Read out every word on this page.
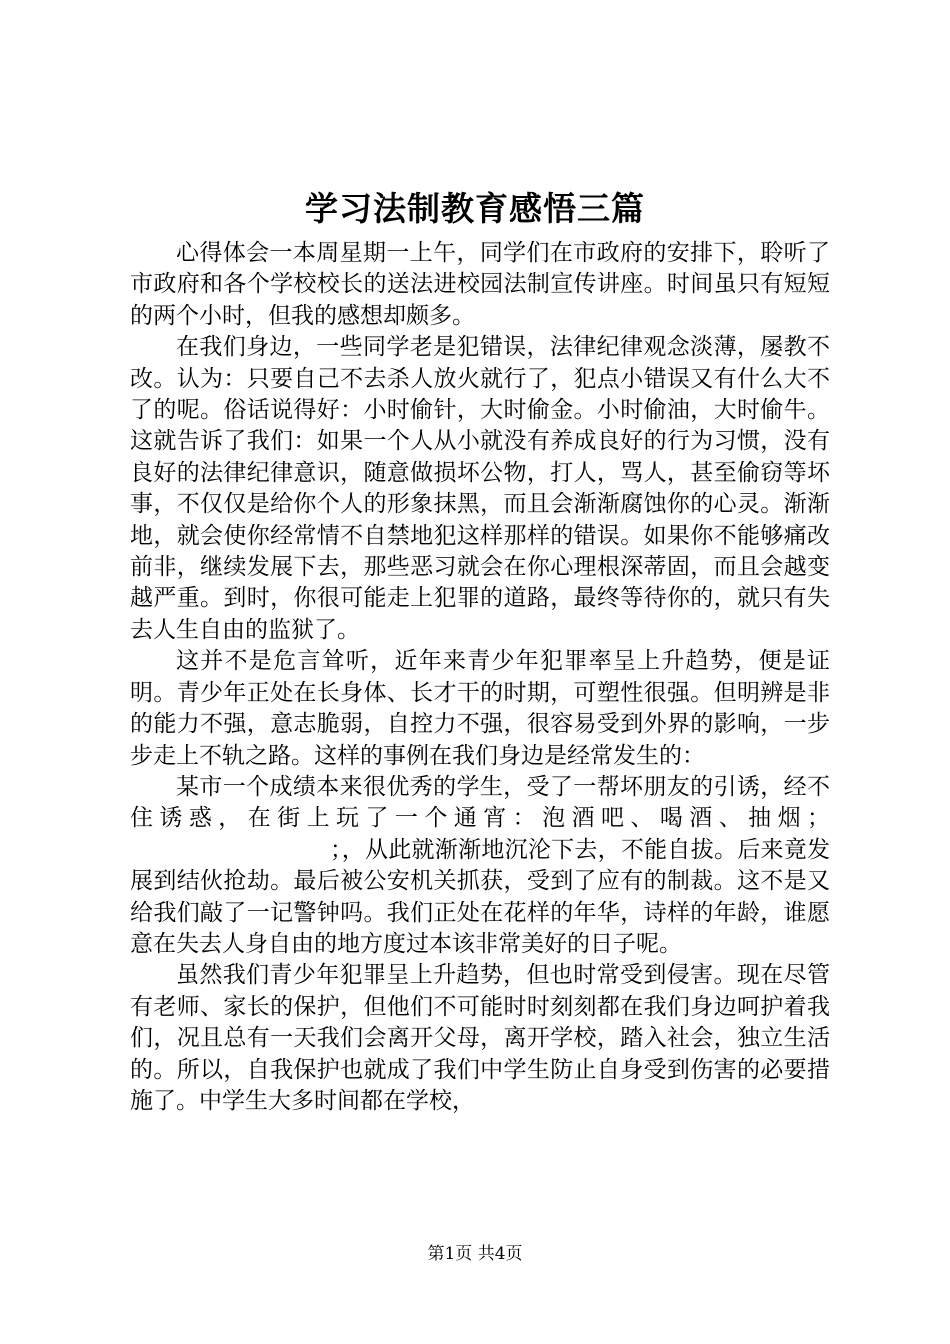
学习法制教育感悟三篇

心得体会一本周星期一上午，同学们在市政府的安排下，聆听了市政府和各个学校校长的送法进校园法制宣传讲座。时间虽只有短短的两个小时，但我的感想却颇多。

在我们身边，一些同学老是犯错误，法律纪律观念淡薄，屡教不改。认为：只要自己不去杀人放火就行了，犯点小错误又有什么大不了的呢。俗话说得好：小时偷针，大时偷金。小时偷油，大时偷牛。这就告诉了我们：如果一个人从小就没有养成良好的行为习惯，没有良好的法律纪律意识，随意做损坏公物，打人，骂人，甚至偷窃等坏事，不仅仅是给你个人的形象抹黑，而且会渐渐腐蚀你的心灵。渐渐地，就会使你经常情不自禁地犯这样那样的错误。如果你不能够痛改前非，继续发展下去，那些恶习就会在你心理根深蒂固，而且会越变越严重。到时，你很可能走上犯罪的道路，最终等待你的，就只有失去人生自由的监狱了。

这并不是危言耸听，近年来青少年犯罪率呈上升趋势，便是证明。青少年正处在长身体、长才干的时期，可塑性很强。但明辨是非的能力不强，意志脆弱，自控力不强，很容易受到外界的影响，一步步走上不轨之路。这样的事例在我们身边是经常发生的：

某市一个成绩本来很优秀的学生，受了一帮坏朋友的引诱，经不住诱惑，在街上玩了一个通宵：泡酒吧、喝酒、抽烟；；，从此就渐渐地沉沦下去，不能自拔。后来竟发展到结伙抢劫。最后被公安机关抓获，受到了应有的制裁。这不是又给我们敲了一记警钟吗。我们正处在花样的年华，诗样的年龄，谁愿意在失去人身自由的地方度过本该非常美好的日子呢。

虽然我们青少年犯罪呈上升趋势，但也时常受到侵害。现在尽管有老师、家长的保护，但他们不可能时时刻刻都在我们身边呵护着我们，况且总有一天我们会离开父母，离开学校，踏入社会，独立生活的。所以，自我保护也就成了我们中学生防止自身受到伤害的必要措施了。中学生大多时间都在学校，

第1页 共4页
